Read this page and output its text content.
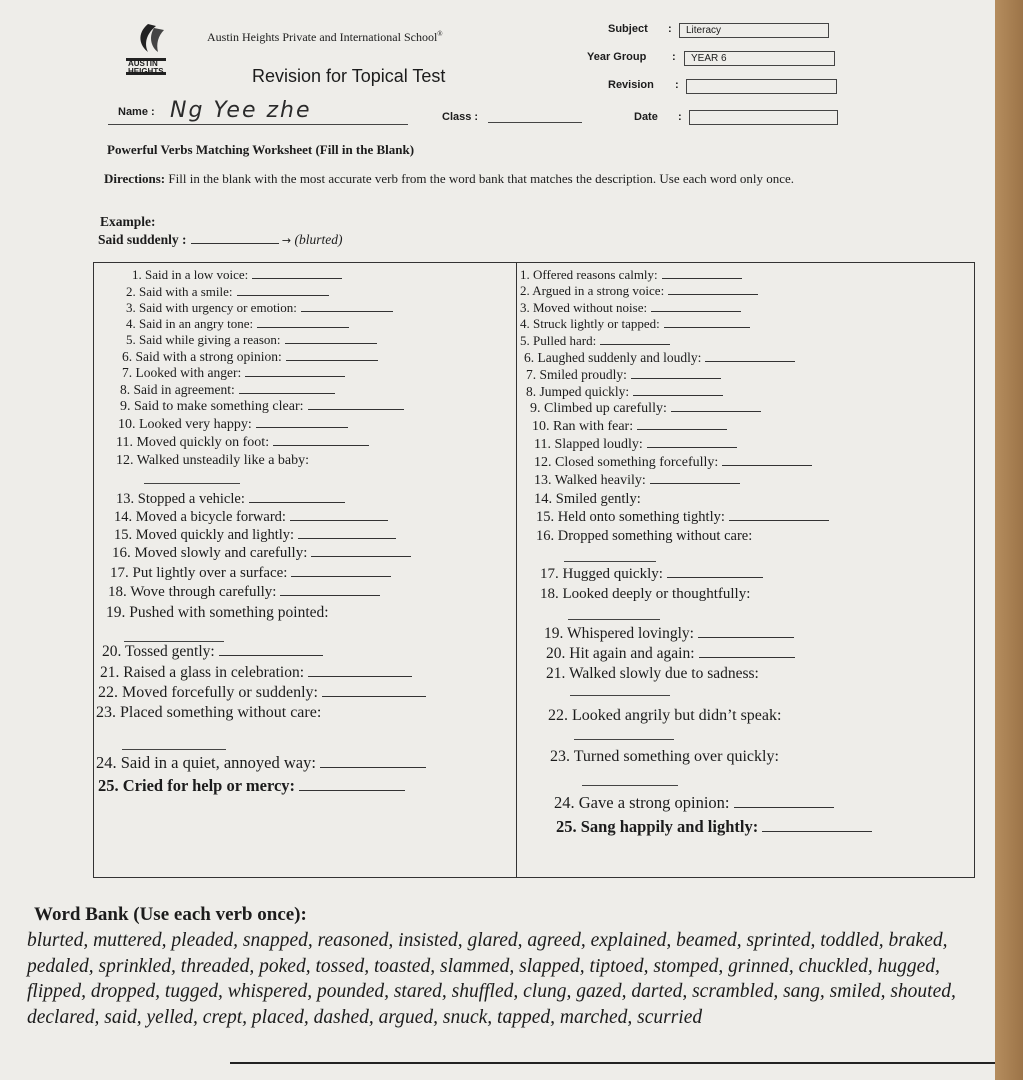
AUSTIN HEIGHTS
Austin Heights Private and International School®
Revision for Topical Test
Subject :	Literacy
Year Group :	YEAR 6
Revision :
Name : Ng Yee zhe	Class :	Date :
Powerful Verbs Matching Worksheet (Fill in the Blank)
Directions: Fill in the blank with the most accurate verb from the word bank that matches the description. Use each word only once.
Example:
Said suddenly :	→ (blurted)
1. Said in a low voice:
2. Said with a smile:
3. Said with urgency or emotion:
4. Said in an angry tone:
5. Said while giving a reason:
6. Said with a strong opinion:
7. Looked with anger:
8. Said in agreement:
9. Said to make something clear:
10. Looked very happy:
11. Moved quickly on foot:
12. Walked unsteadily like a baby:
13. Stopped a vehicle:
14. Moved a bicycle forward:
15. Moved quickly and lightly:
16. Moved slowly and carefully:
17. Put lightly over a surface:
18. Wove through carefully:
19. Pushed with something pointed:
20. Tossed gently:
21. Raised a glass in celebration:
22. Moved forcefully or suddenly:
23. Placed something without care:
24. Said in a quiet, annoyed way:
25. Cried for help or mercy:
1. Offered reasons calmly:
2. Argued in a strong voice:
3. Moved without noise:
4. Struck lightly or tapped:
5. Pulled hard:
6. Laughed suddenly and loudly:
7. Smiled proudly:
8. Jumped quickly:
9. Climbed up carefully:
10. Ran with fear:
11. Slapped loudly:
12. Closed something forcefully:
13. Walked heavily:
14. Smiled gently:
15. Held onto something tightly:
16. Dropped something without care:
17. Hugged quickly:
18. Looked deeply or thoughtfully:
19. Whispered lovingly:
20. Hit again and again:
21. Walked slowly due to sadness:
22. Looked angrily but didn’t speak:
23. Turned something over quickly:
24. Gave a strong opinion:
25. Sang happily and lightly:
Word Bank (Use each verb once):
blurted, muttered, pleaded, snapped, reasoned, insisted, glared, agreed, explained, beamed, sprinted, toddled, braked, pedaled, sprinkled, threaded, poked, tossed, toasted, slammed, slapped, tiptoed, stomped, grinned, chuckled, hugged, flipped, dropped, tugged, whispered, pounded, stared, shuffled, clung, gazed, darted, scrambled, sang, smiled, shouted, declared, said, yelled, crept, placed, dashed, argued, snuck, tapped, marched, scurried
